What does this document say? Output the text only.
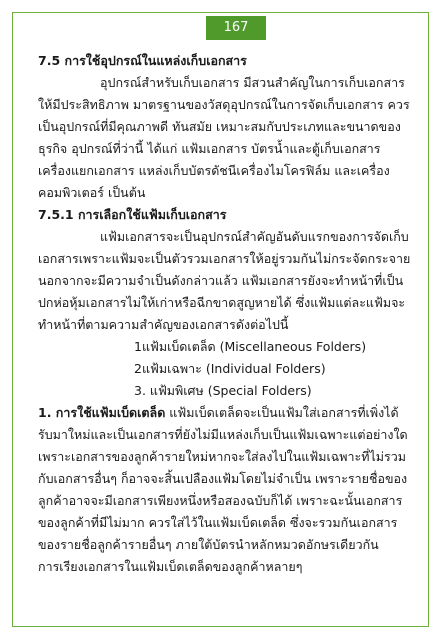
167
7.5 การใช้อุปกรณ์ในแหล่งเก็บเอกสาร
อุปกรณ์สำหรับเก็บเอกสาร มีสวนสำคัญในการเก็บเอกสาร
ให้มีประสิทธิภาพ มาตรฐานของวัสดุอุปกรณ์ในการจัดเก็บเอกสาร ควร
เป็นอุปกรณ์ที่มีคุณภาพดี ทันสมัย เหมาะสมกับประเภทและขนาดของ
ธุรกิจ อุปกรณ์ที่ว่านี้ ได้แก่ แฟ้มเอกสาร บัตรน้ำและตู้เก็บเอกสาร
เครื่องแยกเอกสาร แหล่งเก็บบัตรดัชนีเครื่องไมโครฟิล์ม และเครื่อง
คอมพิวเตอร์ เป็นต้น
7.5.1 การเลือกใช้แฟ้มเก็บเอกสาร
แฟ้มเอกสารจะเป็นอุปกรณ์สำคัญอันดับแรกของการจัดเก็บ
เอกสารเพราะแฟ้มจะเป็นตัวรวมเอกสารให้อยู่รวมกันไม่กระจัดกระจาย
นอกจากจะมีความจำเป็นดังกล่าวแล้ว แฟ้มเอกสารยังจะทำหน้าที่เป็น
ปกห่อหุ้มเอกสารไม่ให้เก่าหรือฉีกขาดสูญหายได้ ซึ่งแฟ้มแต่ละแฟ้มจะ
ทำหน้าที่ตามความสำคัญของเอกสารดังต่อไปนี้
1แฟ้มเบ็ดเตล็ด (Miscellaneous Folders)
2แฟ้มเฉพาะ (Individual Folders)
3. แฟ้มพิเศษ (Special Folders)
1. การใช้แฟ้มเบ็ดเตล็ด แฟ้มเบ็ดเตล็ดจะเป็นแฟ้มใส่เอกสารที่เพิ่งได้
รับมาใหม่และเป็นเอกสารที่ยังไม่มีแหล่งเก็บเป็นแฟ้มเฉพาะแต่อย่างใด
เพราะเอกสารของลูกค้ารายใหม่หากจะใส่ลงไปในแฟ้มเฉพาะที่ไม่รวม
กับเอกสารอื่นๆ ก็อาจจะสิ้นเปลืองแฟ้มโดยไม่จำเป็น เพราะรายชื่อของ
ลูกค้าอาจจะมีเอกสารเพียงหนึ่งหรือสองฉบับก็ได้ เพราะฉะนั้นเอกสาร
ของลูกค้าที่มีไม่มาก ควรใส่ไว้ในแฟ้มเบ็ดเตล็ด ซึ่งจะรวมกันเอกสาร
ของรายชื่อลูกค้ารายอื่นๆ ภายใต้บัตรนำหลักหมวดอักษรเดียวกัน
การเรียงเอกสารในแฟ้มเบ็ดเตล็ดของลูกค้าหลายๆ
